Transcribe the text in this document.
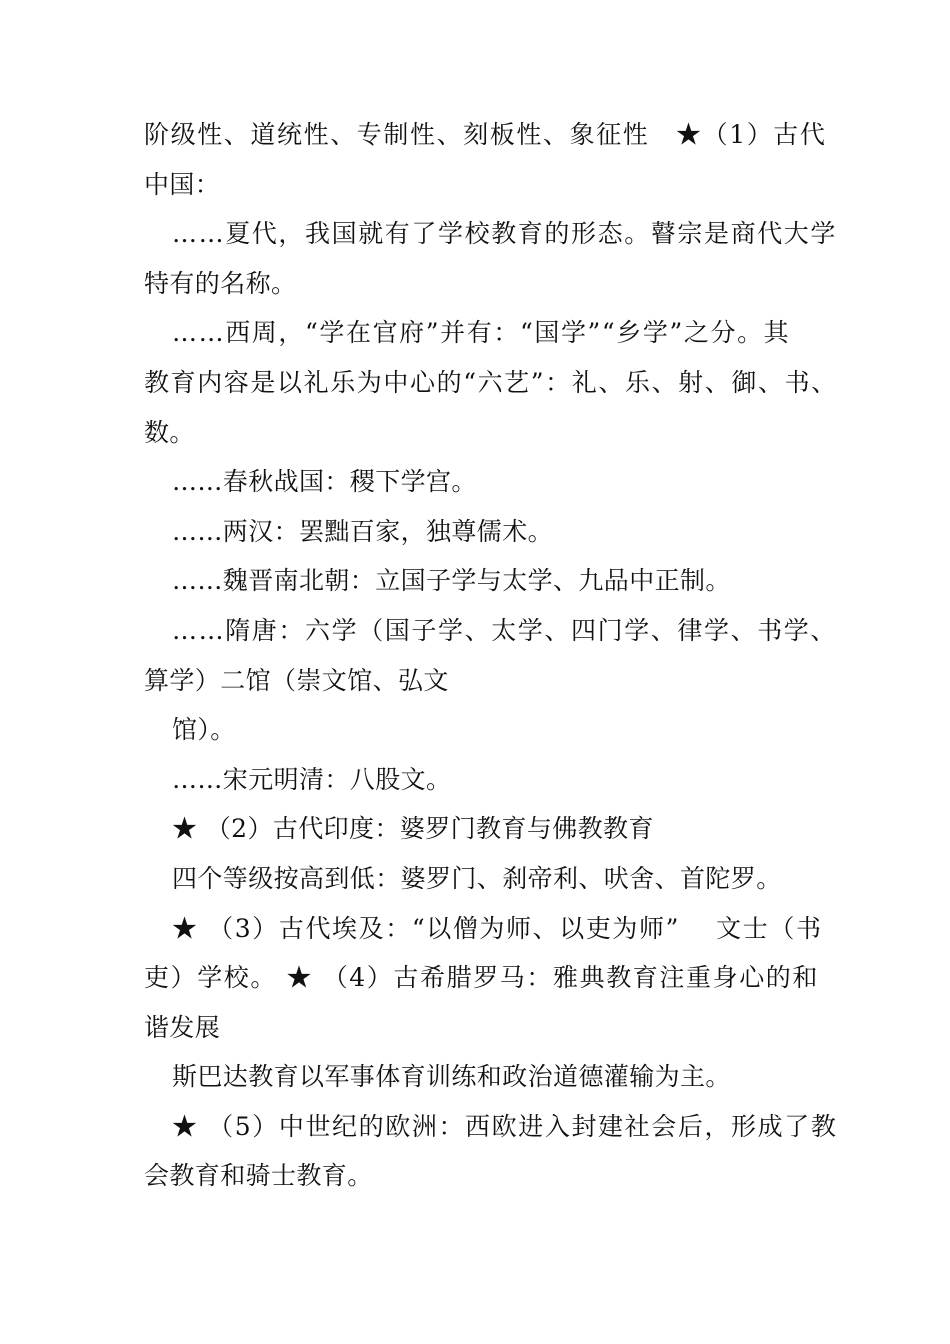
阶级性、道统性、专制性、刻板性、象征性　★（1）古代
中国：
……夏代，我国就有了学校教育的形态。瞽宗是商代大学
特有的名称。
……西周，“学在官府”并有：“国学”“乡学”之分。其
教育内容是以礼乐为中心的“六艺”：礼、乐、射、御、书、
数。
……春秋战国：稷下学宫。
……两汉：罢黜百家，独尊儒术。
……魏晋南北朝：立国子学与太学、九品中正制。
……隋唐：六学（国子学、太学、四门学、律学、书学、
算学）二馆（崇文馆、弘文
馆）。
……宋元明清：八股文。
★ （2）古代印度：婆罗门教育与佛教教育
四个等级按高到低：婆罗门、刹帝利、吠舍、首陀罗。
★ （3）古代埃及：“以僧为师、以吏为师”　 文士（书
吏）学校。 ★ （4）古希腊罗马：雅典教育注重身心的和
谐发展
斯巴达教育以军事体育训练和政治道德灌输为主。
★ （5）中世纪的欧洲：西欧进入封建社会后，形成了教
会教育和骑士教育。
